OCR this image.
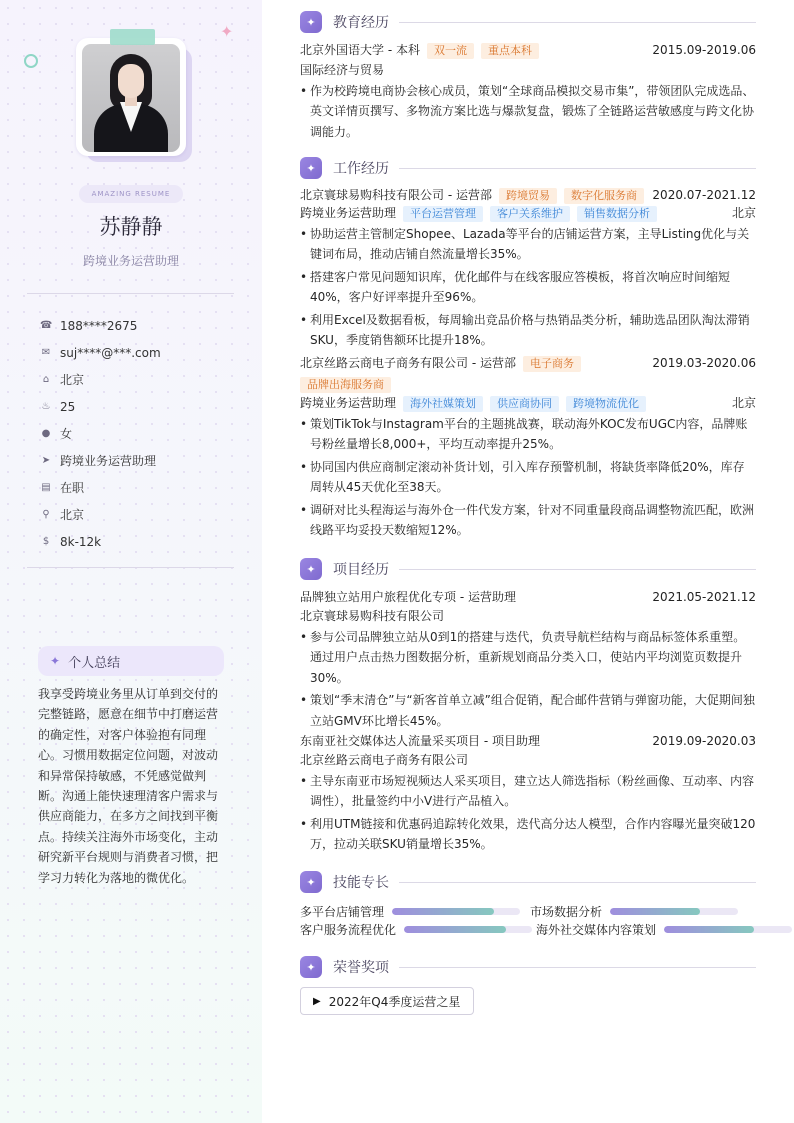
✦
AMAZING RESUME
苏静静
跨境业务运营助理
☎ 188****2675
✉ suj****@***.com
⌂ 北京
♨ 25
● 女
➤ 跨境业务运营助理
▤ 在职
⚲ 北京
$ 8k-12k
✦ 个人总结
我享受跨境业务里从订单到交付的完整链路，愿意在细节中打磨运营的确定性，对客户体验抱有同理心。习惯用数据定位问题，对波动和异常保持敏感，不凭感觉做判断。沟通上能快速理清客户需求与供应商能力，在多方之间找到平衡点。持续关注海外市场变化，主动研究新平台规则与消费者习惯，把学习力转化为落地的微优化。
✦	教育经历
北京外国语大学 - 本科	双一流	重点本科	2015.09-2019.06
国际经济与贸易
• 作为校跨境电商协会核心成员，策划“全球商品模拟交易市集”，带领团队完成选品、英文详情页撰写、多物流方案比选与爆款复盘，锻炼了全链路运营敏感度与跨文化协调能力。
✦	工作经历
北京寰球易购科技有限公司 - 运营部	跨境贸易	数字化服务商	2020.07-2021.12
跨境业务运营助理	平台运营管理	客户关系维护	销售数据分析	北京
• 协助运营主管制定Shopee、Lazada等平台的店铺运营方案，主导Listing优化与关键词布局，推动店铺自然流量增长35%。
• 搭建客户常见问题知识库，优化邮件与在线客服应答模板，将首次响应时间缩短40%，客户好评率提升至96%。
• 利用Excel及数据看板，每周输出竞品价格与热销品类分析，辅助选品团队淘汰滞销SKU，季度销售额环比提升18%。
北京丝路云商电子商务有限公司 - 运营部	电子商务	2019.03-2020.06
品牌出海服务商
跨境业务运营助理	海外社媒策划	供应商协同	跨境物流优化	北京
• 策划TikTok与Instagram平台的主题挑战赛，联动海外KOC发布UGC内容，品牌账号粉丝量增长8,000+，平均互动率提升25%。
• 协同国内供应商制定滚动补货计划，引入库存预警机制，将缺货率降低20%，库存周转从45天优化至38天。
• 调研对比头程海运与海外仓一件代发方案，针对不同重量段商品调整物流匹配，欧洲线路平均妥投天数缩短12%。
✦	项目经历
品牌独立站用户旅程优化专项 - 运营助理	2021.05-2021.12
北京寰球易购科技有限公司
• 参与公司品牌独立站从0到1的搭建与迭代，负责导航栏结构与商品标签体系重塑。通过用户点击热力图数据分析，重新规划商品分类入口，使站内平均浏览页数提升30%。
• 策划“季末清仓”与“新客首单立减”组合促销，配合邮件营销与弹窗功能，大促期间独立站GMV环比增长45%。
东南亚社交媒体达人流量采买项目 - 项目助理	2019.09-2020.03
北京丝路云商电子商务有限公司
• 主导东南亚市场短视频达人采买项目，建立达人筛选指标（粉丝画像、互动率、内容调性），批量签约中小V进行产品植入。
• 利用UTM链接和优惠码追踪转化效果，迭代高分达人模型，合作内容曝光量突破120万，拉动关联SKU销量增长35%。
✦	技能专长
多平台店铺管理	市场数据分析
客户服务流程优化	海外社交媒体内容策划
✦	荣誉奖项
▶ 2022年Q4季度运营之星
